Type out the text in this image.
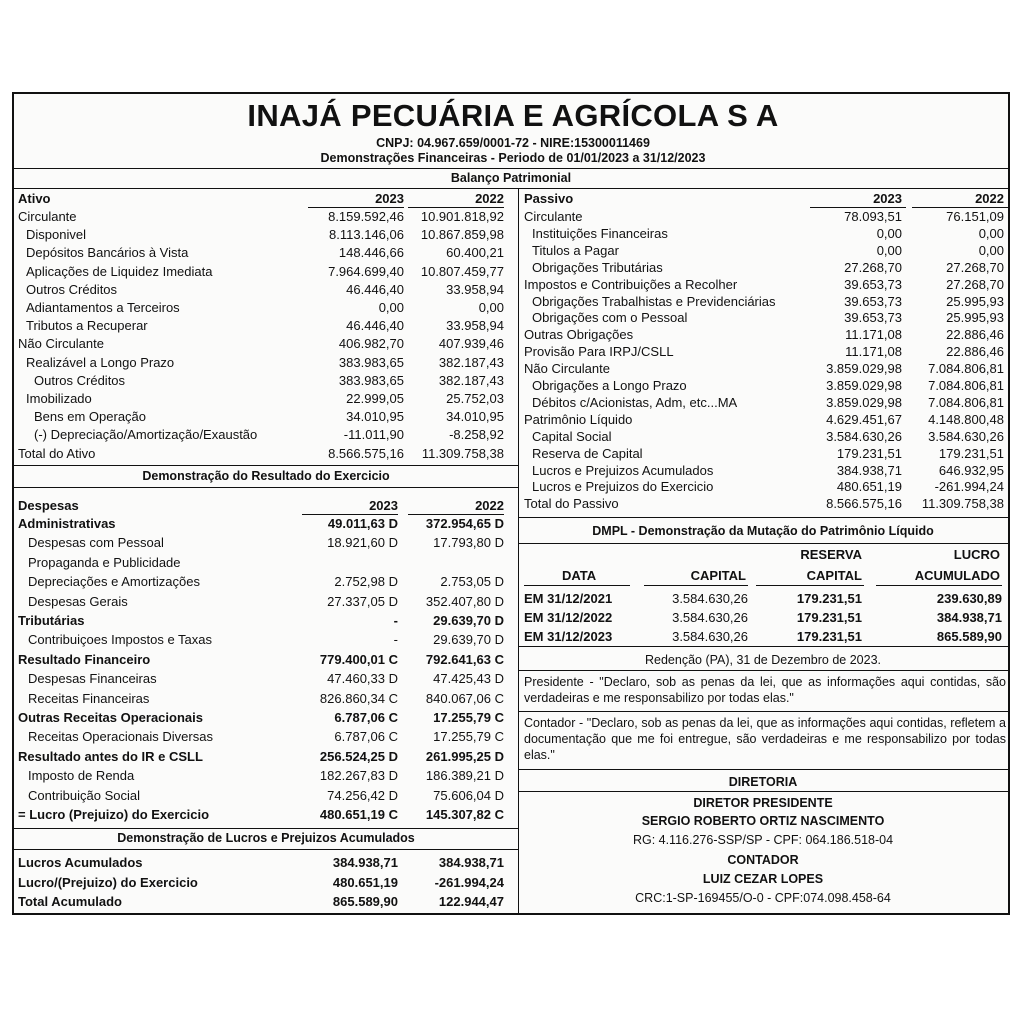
INAJÁ PECUÁRIA E AGRÍCOLA S A
CNPJ: 04.967.659/0001-72 - NIRE:15300011469
Demonstrações Financeiras - Periodo de 01/01/2023 a 31/12/2023
Balanço Patrimonial
Ativo	2023	2022
Circulante	8.159.592,46	10.901.818,92
Disponivel	8.113.146,06	10.867.859,98
Depósitos Bancários à Vista	148.446,66	60.400,21
Aplicações de Liquidez Imediata	7.964.699,40	10.807.459,77
Outros Créditos	46.446,40	33.958,94
Adiantamentos a Terceiros	0,00	0,00
Tributos a Recuperar	46.446,40	33.958,94
Não Circulante	406.982,70	407.939,46
Realizável a Longo Prazo	383.983,65	382.187,43
Outros Créditos	383.983,65	382.187,43
Imobilizado	22.999,05	25.752,03
Bens em Operação	34.010,95	34.010,95
(-) Depreciação/Amortização/Exaustão	-11.011,90	-8.258,92
Total do Ativo	8.566.575,16	11.309.758,38
Demonstração do Resultado do Exercicio
Despesas	2023	2022
Administrativas	49.011,63 D	372.954,65 D
Despesas com Pessoal	18.921,60 D	17.793,80 D
Propaganda e Publicidade
Depreciações e Amortizações	2.752,98 D	2.753,05 D
Despesas Gerais	27.337,05 D	352.407,80 D
Tributárias	-	29.639,70 D
Contribuiçoes Impostos e Taxas	-	29.639,70 D
Resultado Financeiro	779.400,01 C	792.641,63 C
Despesas Financeiras	47.460,33 D	47.425,43 D
Receitas Financeiras	826.860,34 C	840.067,06 C
Outras Receitas Operacionais	6.787,06 C	17.255,79 C
Receitas Operacionais Diversas	6.787,06 C	17.255,79 C
Resultado antes do IR e CSLL	256.524,25 D	261.995,25 D
Imposto de Renda	182.267,83 D	186.389,21 D
Contribuição Social	74.256,42 D	75.606,04 D
= Lucro (Prejuizo) do Exercicio	480.651,19 C	145.307,82 C
Demonstração de Lucros e Prejuizos Acumulados
Lucros Acumulados	384.938,71	384.938,71
Lucro/(Prejuizo) do Exercicio	480.651,19	-261.994,24
Total Acumulado	865.589,90	122.944,47
Passivo	2023	2022
Circulante	78.093,51	76.151,09
Instituições Financeiras	0,00	0,00
Titulos a Pagar	0,00	0,00
Obrigações Tributárias	27.268,70	27.268,70
Impostos e Contribuições a Recolher	39.653,73	27.268,70
Obrigações Trabalhistas e Previdenciárias	39.653,73	25.995,93
Obrigações com o Pessoal	39.653,73	25.995,93
Outras Obrigações	11.171,08	22.886,46
Provisão Para IRPJ/CSLL	11.171,08	22.886,46
Não Circulante	3.859.029,98	7.084.806,81
Obrigações a Longo Prazo	3.859.029,98	7.084.806,81
Débitos c/Acionistas, Adm, etc...MA	3.859.029,98	7.084.806,81
Patrimônio Líquido	4.629.451,67	4.148.800,48
Capital Social	3.584.630,26	3.584.630,26
Reserva de Capital	179.231,51	179.231,51
Lucros e Prejuizos Acumulados	384.938,71	646.932,95
Lucros e Prejuizos do Exercicio	480.651,19	-261.994,24
Total do Passivo	8.566.575,16	11.309.758,38
DMPL - Demonstração da Mutação do Patrimônio Líquido
RESERVA	LUCRO
DATA	CAPITAL	CAPITAL	ACUMULADO
EM 31/12/2021	3.584.630,26	179.231,51	239.630,89
EM 31/12/2022	3.584.630,26	179.231,51	384.938,71
EM 31/12/2023	3.584.630,26	179.231,51	865.589,90
Redenção (PA), 31 de Dezembro de 2023.
Presidente - "Declaro, sob as penas da lei, que as informações aqui contidas, são verdadeiras e me responsabilizo por todas elas."
Contador - "Declaro, sob as penas da lei, que as informações aqui contidas, refletem a documentação que me foi entregue, são verdadeiras e me responsabilizo por todas elas."
DIRETORIA
DIRETOR PRESIDENTE
SERGIO ROBERTO ORTIZ NASCIMENTO
RG: 4.116.276-SSP/SP - CPF: 064.186.518-04
CONTADOR
LUIZ CEZAR LOPES
CRC:1-SP-169455/O-0 - CPF:074.098.458-64
